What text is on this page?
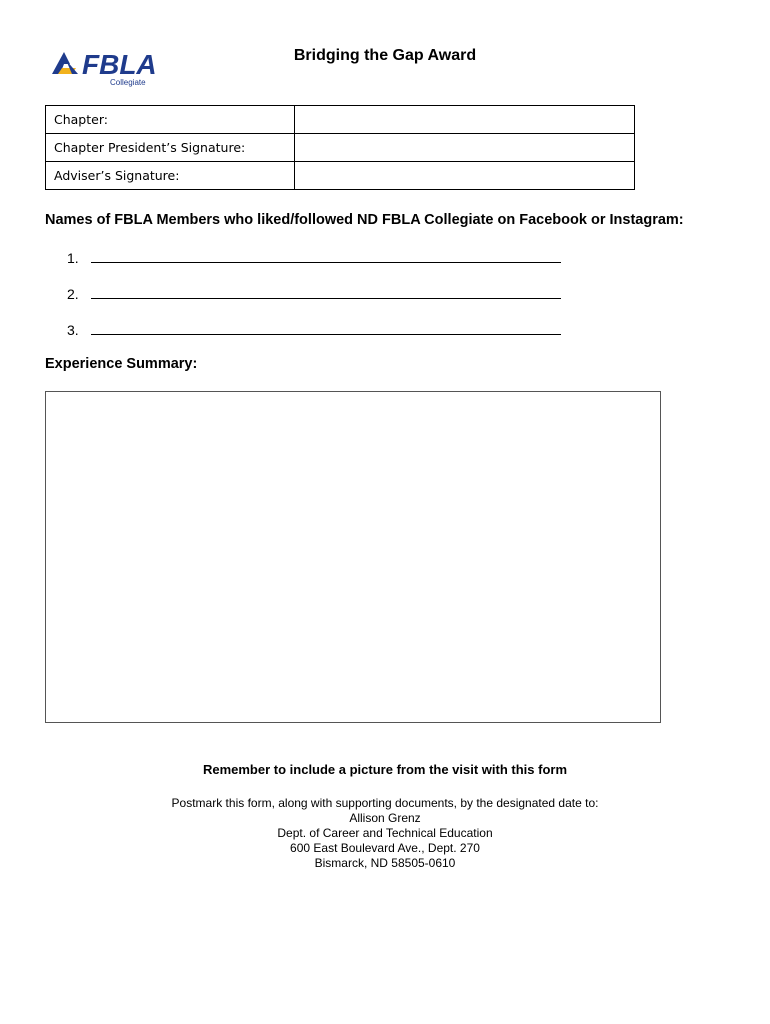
FBLA
Collegiate
Bridging the Gap Award
Chapter:	
Chapter President’s Signature:	
Adviser’s Signature:	
Names of FBLA Members who liked/followed ND FBLA Collegiate on Facebook or Instagram:
1.
2.
3.
Experience Summary:
Remember to include a picture from the visit with this form
Postmark this form, along with supporting documents, by the designated date to:
Allison Grenz
Dept. of Career and Technical Education
600 East Boulevard Ave., Dept. 270
Bismarck, ND 58505-0610
